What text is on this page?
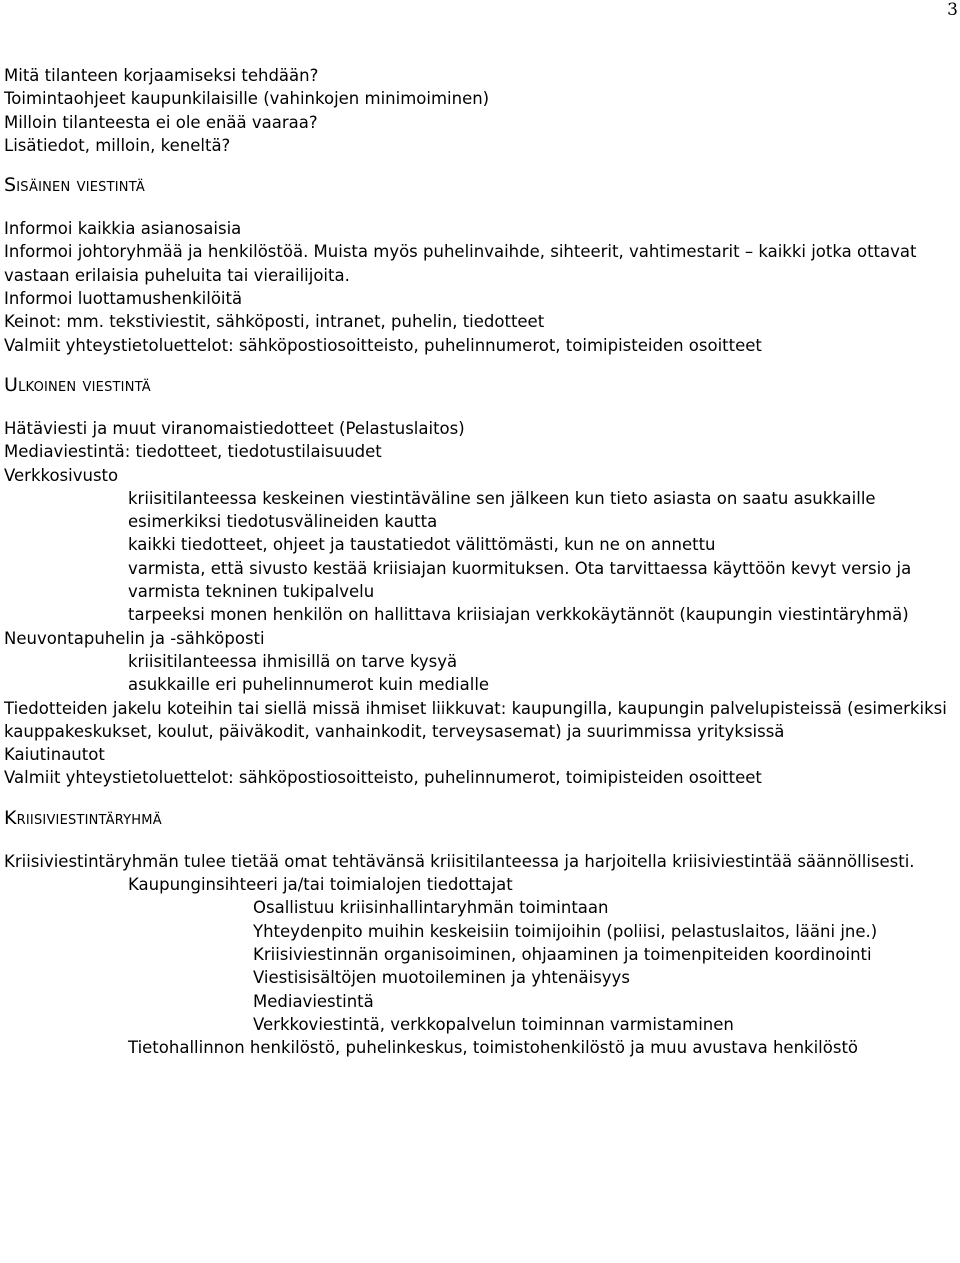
3
Mitä tilanteen korjaamiseksi tehdään?
Toimintaohjeet kaupunkilaisille (vahinkojen minimoiminen)
Milloin tilanteesta ei ole enää vaaraa?
Lisätiedot, milloin, keneltä?
Sisäinen viestintä
Informoi kaikkia asianosaisia
Informoi johtoryhmää ja henkilöstöä. Muista myös puhelinvaihde, sihteerit, vahtimestarit – kaikki jotka ottavat vastaan erilaisia puheluita tai vierailijoita.
Informoi luottamushenkilöitä
Keinot: mm. tekstiviestit, sähköposti, intranet, puhelin, tiedotteet
Valmiit yhteystietoluettelot: sähköpostiosoitteisto, puhelinnumerot, toimipisteiden osoitteet
Ulkoinen viestintä
Hätäviesti ja muut viranomaistiedotteet (Pelastuslaitos)
Mediaviestintä: tiedotteet, tiedotustilaisuudet
Verkkosivusto
kriisitilanteessa keskeinen viestintäväline sen jälkeen kun tieto asiasta on saatu asukkaille esimerkiksi tiedotusvälineiden kautta
kaikki tiedotteet, ohjeet ja taustatiedot välittömästi, kun ne on annettu
varmista, että sivusto kestää kriisiajan kuormituksen. Ota tarvittaessa käyttöön kevyt versio ja varmista tekninen tukipalvelu
tarpeeksi monen henkilön on hallittava kriisiajan verkkokäytännöt (kaupungin viestintäryhmä)
Neuvontapuhelin ja -sähköposti
kriisitilanteessa ihmisillä on tarve kysyä
asukkaille eri puhelinnumerot kuin medialle
Tiedotteiden jakelu koteihin tai siellä missä ihmiset liikkuvat: kaupungilla, kaupungin palvelupisteissä (esimerkiksi kauppakeskukset, koulut, päiväkodit, vanhainkodit, terveysasemat) ja suurimmissa yrityksissä
Kaiutinautot
Valmiit yhteystietoluettelot: sähköpostiosoitteisto, puhelinnumerot, toimipisteiden osoitteet
Kriisiviestintäryhmä
Kriisiviestintäryhmän tulee tietää omat tehtävänsä kriisitilanteessa ja harjoitella kriisiviestintää säännöllisesti.
Kaupunginsihteeri ja/tai toimialojen tiedottajat
Osallistuu kriisinhallintaryhmän toimintaan
Yhteydenpito muihin keskeisiin toimijoihin (poliisi, pelastuslaitos, lääni jne.)
Kriisiviestinnän organisoiminen, ohjaaminen ja toimenpiteiden koordinointi
Viestisisältöjen muotoileminen ja yhtenäisyys
Mediaviestintä
Verkkoviestintä, verkkopalvelun toiminnan varmistaminen
Tietohallinnon henkilöstö, puhelinkeskus, toimistohenkilöstö ja muu avustava henkilöstö
